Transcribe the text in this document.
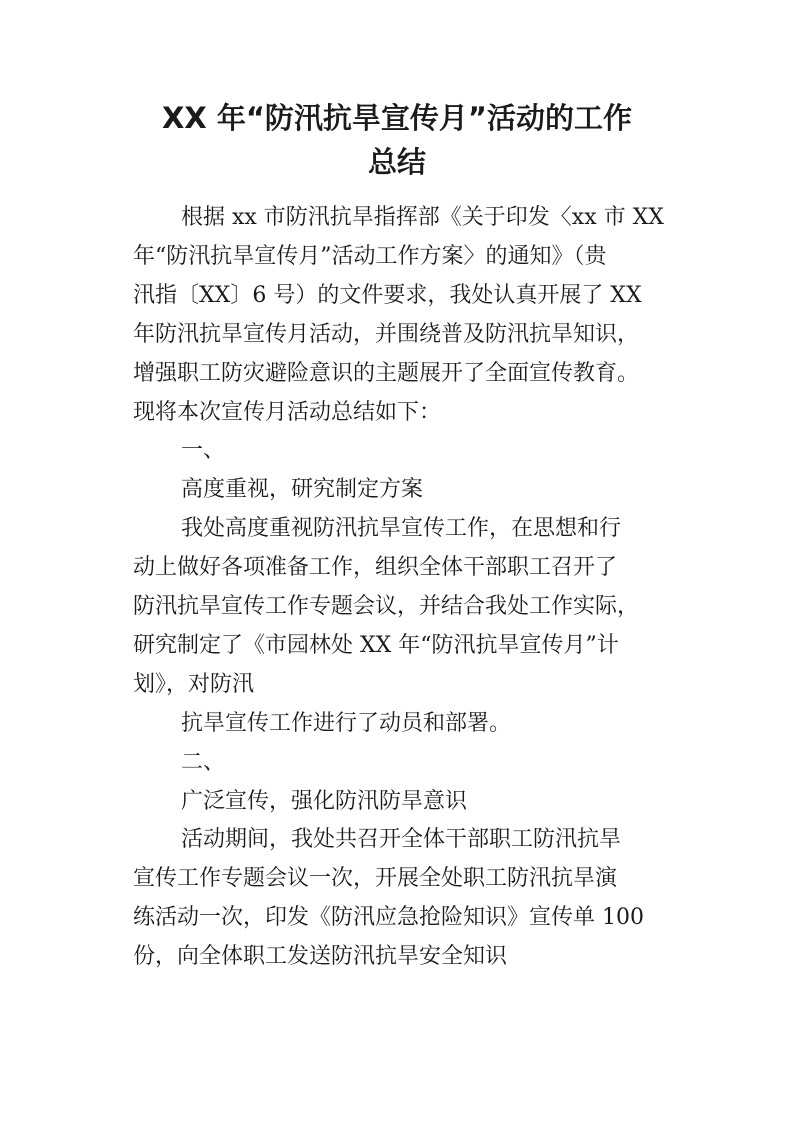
XX 年“防汛抗旱宣传月”活动的工作
总结

根据 xx 市防汛抗旱指挥部《关于印发〈xx 市 XX

年“防汛抗旱宣传月”活动工作方案〉的通知》（贵

汛指〔XX〕6 号）的文件要求，我处认真开展了 XX

年防汛抗旱宣传月活动，并围绕普及防汛抗旱知识，

增强职工防灾避险意识的主题展开了全面宣传教育。

现将本次宣传月活动总结如下：

一、

高度重视，研究制定方案

我处高度重视防汛抗旱宣传工作，在思想和行

动上做好各项准备工作，组织全体干部职工召开了

防汛抗旱宣传工作专题会议，并结合我处工作实际，

研究制定了《市园林处 XX 年“防汛抗旱宣传月”计

划》，对防汛

抗旱宣传工作进行了动员和部署。

二、

广泛宣传，强化防汛防旱意识

活动期间，我处共召开全体干部职工防汛抗旱

宣传工作专题会议一次，开展全处职工防汛抗旱演

练活动一次，印发《防汛应急抢险知识》宣传单 100

份，向全体职工发送防汛抗旱安全知识
